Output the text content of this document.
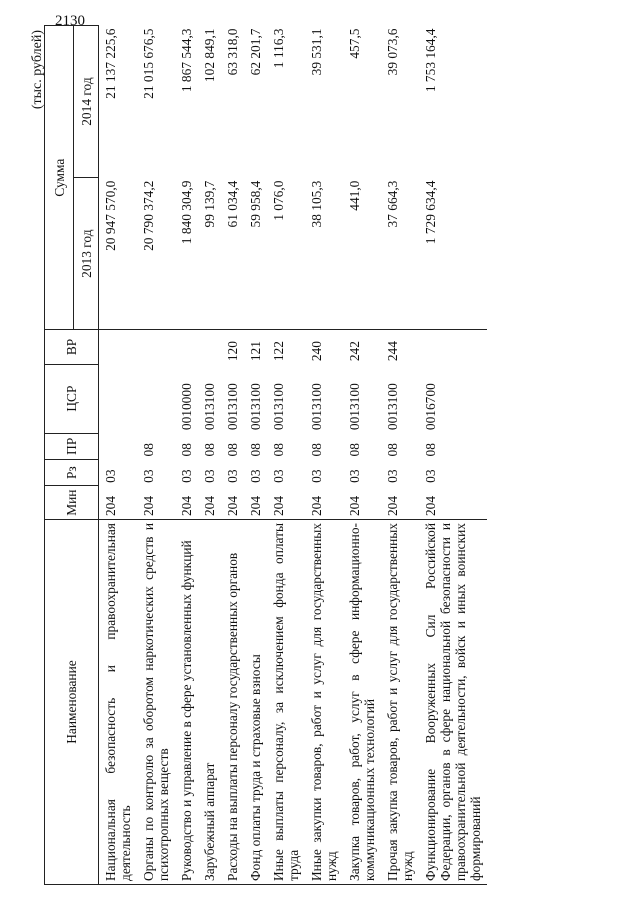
2130
(тыс. рублей)
Наименование	Мин	Рз	ПР	ЦСР	ВР	Сумма	
						2013 год	2014 год
Национальная безопасность и правоохранительная деятельность	204	03				20 947 570,0	21 137 225,6
Органы по контролю за оборотом наркотических средств и психотропных веществ	204	03	08			20 790 374,2	21 015 676,5
Руководство и управление в сфере установленных функций	204	03	08	0010000		1 840 304,9	1 867 544,3
Зарубежный аппарат	204	03	08	0013100		99 139,7	102 849,1
Расходы на выплаты персоналу государственных органов	204	03	08	0013100	120	61 034,4	63 318,0
Фонд оплаты труда и страховые взносы	204	03	08	0013100	121	59 958,4	62 201,7
Иные выплаты персоналу, за исключением фонда оплаты труда	204	03	08	0013100	122	1 076,0	1 116,3
Иные закупки товаров, работ и услуг для государственных нужд	204	03	08	0013100	240	38 105,3	39 531,1
Закупка товаров, работ, услуг в сфере информационно-коммуникационных технологий	204	03	08	0013100	242	441,0	457,5
Прочая закупка товаров, работ и услуг для государственных нужд	204	03	08	0013100	244	37 664,3	39 073,6
Функционирование Вооруженных Сил Российской Федерации, органов в сфере национальной безопасности и правоохранительной деятельности, войск и иных воинских формирований	204	03	08	0016700		1 729 634,4	1 753 164,4
